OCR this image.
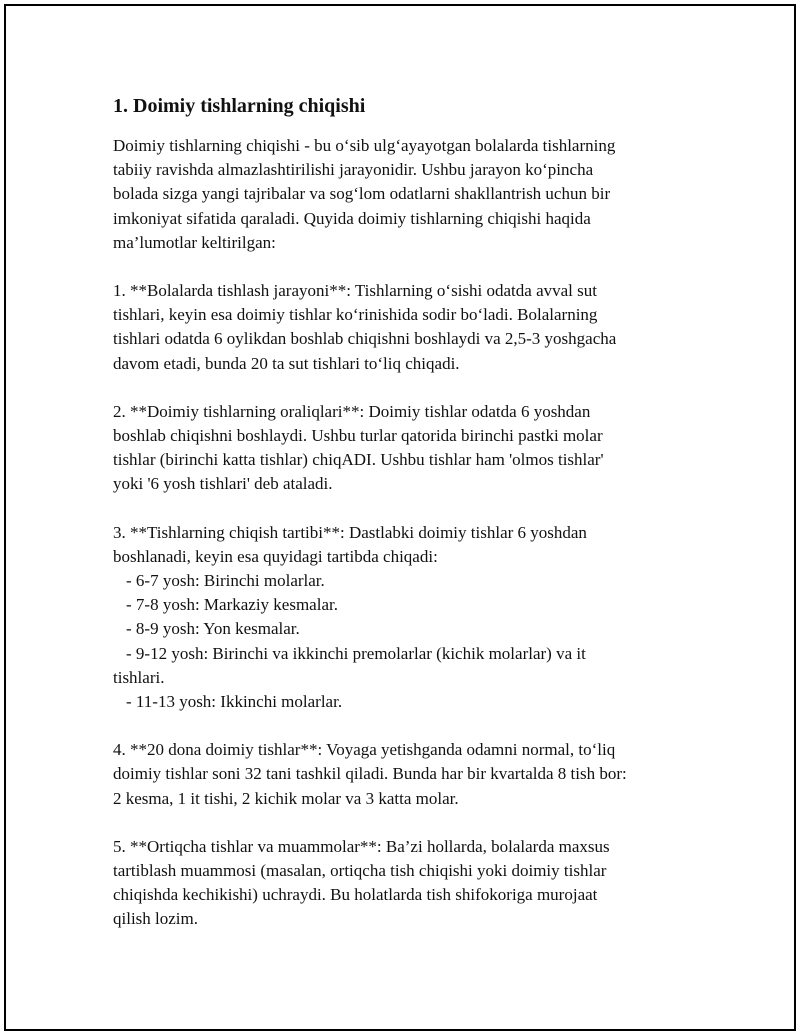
1. Doimiy tishlarning chiqishi

Doimiy tishlarning chiqishi - bu o‘sib ulg‘ayayotgan bolalarda tishlarning
tabiiy ravishda almazlashtirilishi jarayonidir. Ushbu jarayon ko‘pincha
bolada sizga yangi tajribalar va sog‘lom odatlarni shakllantrish uchun bir
imkoniyat sifatida qaraladi. Quyida doimiy tishlarning chiqishi haqida
ma’lumotlar keltirilgan:

1. **Bolalarda tishlash jarayoni**: Tishlarning o‘sishi odatda avval sut
tishlari, keyin esa doimiy tishlar ko‘rinishida sodir bo‘ladi. Bolalarning
tishlari odatda 6 oylikdan boshlab chiqishni boshlaydi va 2,5-3 yoshgacha
davom etadi, bunda 20 ta sut tishlari to‘liq chiqadi.

2. **Doimiy tishlarning oraliqlari**: Doimiy tishlar odatda 6 yoshdan
boshlab chiqishni boshlaydi. Ushbu turlar qatorida birinchi pastki molar
tishlar (birinchi katta tishlar) chiqADI. Ushbu tishlar ham 'olmos tishlar'
yoki '6 yosh tishlari' deb ataladi.

3. **Tishlarning chiqish tartibi**: Dastlabki doimiy tishlar 6 yoshdan
boshlanadi, keyin esa quyidagi tartibda chiqadi:

- 6-7 yosh: Birinchi molarlar.

- 7-8 yosh: Markaziy kesmalar.

- 8-9 yosh: Yon kesmalar.

- 9-12 yosh: Birinchi va ikkinchi premolarlar (kichik molarlar) va it

tishlari.

- 11-13 yosh: Ikkinchi molarlar.

4. **20 dona doimiy tishlar**: Voyaga yetishganda odamni normal, to‘liq
doimiy tishlar soni 32 tani tashkil qiladi. Bunda har bir kvartalda 8 tish bor:
2 kesma, 1 it tishi, 2 kichik molar va 3 katta molar.

5. **Ortiqcha tishlar va muammolar**: Ba’zi hollarda, bolalarda maxsus
tartiblash muammosi (masalan, ortiqcha tish chiqishi yoki doimiy tishlar
chiqishda kechikishi) uchraydi. Bu holatlarda tish shifokoriga murojaat
qilish lozim.
